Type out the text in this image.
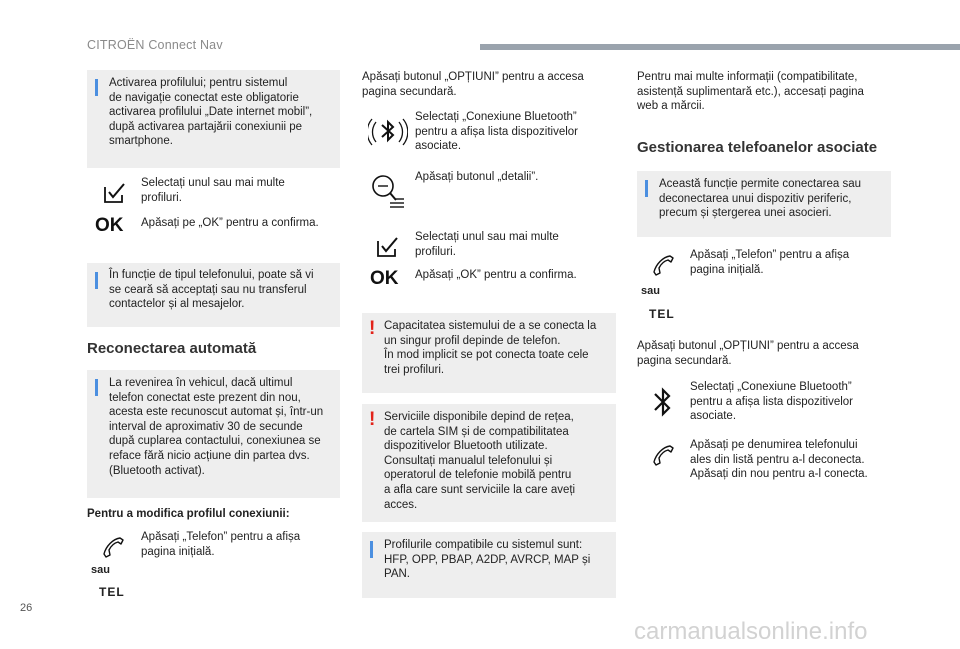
CITROËN Connect Nav

Activarea profilului; pentru sistemul
de navigație conectat este obligatorie
activarea profilului „Date internet mobil”,
după activarea partajării conexiunii pe
smartphone.

Selectați unul sau mai multe
profiluri.
OK Apăsați pe „OK” pentru a confirma.

În funcție de tipul telefonului, poate să vi
se ceară să acceptați sau nu transferul
contactelor și al mesajelor.

Reconectarea automată

La revenirea în vehicul, dacă ultimul
telefon conectat este prezent din nou,
acesta este recunoscut automat și, într-un
interval de aproximativ 30 de secunde
după cuplarea contactului, conexiunea se
reface fără nicio acțiune din partea dvs.
(Bluetooth activat).

Pentru a modifica profilul conexiunii:
sau
TEL
Apăsați „Telefon” pentru a afișa
pagina inițială.
Apăsați butonul „OPȚIUNI” pentru a accesa
pagina secundară.
Selectați „Conexiune Bluetooth”
pentru a afișa lista dispozitivelor
asociate.
Apăsați butonul „detalii”.
Selectați unul sau mai multe
profiluri.
OK Apăsați „OK” pentru a confirma.
! Capacitatea sistemului de a se conecta la
un singur profil depinde de telefon.
În mod implicit se pot conecta toate cele
trei profiluri.

! Serviciile disponibile depind de rețea,
de cartela SIM și de compatibilitatea
dispozitivelor Bluetooth utilizate.
Consultați manualul telefonului și
operatorul de telefonie mobilă pentru
a afla care sunt serviciile la care aveți
acces.

Profilurile compatibile cu sistemul sunt:
HFP, OPP, PBAP, A2DP, AVRCP, MAP și
PAN.

Pentru mai multe informații (compatibilitate,
asistență suplimentară etc.), accesați pagina
web a mărcii.
Gestionarea telefoanelor asociate

Această funcție permite conectarea sau
deconectarea unui dispozitiv periferic,
precum și ștergerea unei asocieri.

sau
TEL
Apăsați „Telefon” pentru a afișa
pagina inițială.
Apăsați butonul „OPȚIUNI” pentru a accesa
pagina secundară.
Selectați „Conexiune Bluetooth”
pentru a afișa lista dispozitivelor
asociate.
Apăsați pe denumirea telefonului
ales din listă pentru a-l deconecta.
Apăsați din nou pentru a-l conecta.
26
carmanualsonline.info
